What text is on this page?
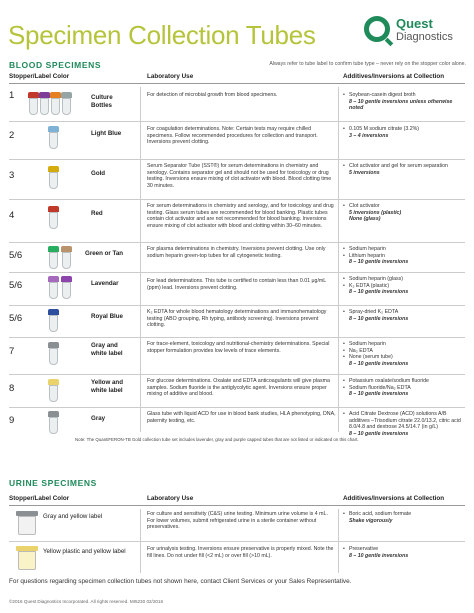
Specimen Collection Tubes	Quest
Diagnostics
BLOOD SPECIMENS	Always refer to tube label to confirm tube type – never rely on the stopper color alone.
Stopper/Label Color	Laboratory Use	Additives/Inversions at Collection
1	Culture Bottles
For detection of microbial growth from blood specimens.
•	Soybean-casein digest broth
8 – 10 gentle inversions unless otherwise noted
2	Light Blue
For coagulation determinations. Note: Certain tests may require chilled specimens. Follow recommended procedures for collection and transport. Inversions prevent clotting.
• 0.105 M sodium citrate (3.2%)
3 – 4 inversions
3	Gold
Serum Separator Tube (SST®) for serum determinations in chemistry and serology. Contains separator gel and should not be used for toxicology or drug testing. Inversions ensure mixing of clot activator with blood. Blood clotting time 30 minutes.
• Clot activator and gel for serum separation
5 inversions
4	Red
For serum determinations in chemistry and serology, and for toxicology and drug testing. Glass serum tubes are recommended for blood banking. Plastic tubes contain clot activator and are not recommended for blood banking. Inversions ensure mixing of clot activator with blood and clotting within 30–60 minutes.
• Clot activator
5 inversions (plastic)
None (glass)
5/6	Green or Tan
For plasma determinations in chemistry. Inversions prevent clotting. Use only sodium heparin green-top tubes for all cytogenetic testing.
• Sodium heparin
• Lithium heparin
8 – 10 gentle inversions
5/6	Lavendar	For lead determinations. This tube is certified to contain less than 0.01 μg/mL (ppm) lead. Inversions prevent clotting.
• Sodium heparin (glass)
• K₂ EDTA (plastic)
8 – 10 gentle inversions
5/6	Royal Blue
K₂ EDTA for whole blood hematology determinations and immunohematology testing (ABO grouping, Rh typing, antibody screening). Inversions prevent clotting.
• Spray-dried K₂ EDTA
8 – 10 gentle inversions
7
Gray and white label
For trace-element, toxicology and nutritional-chemistry determinations. Special stopper formulation provides low levels of trace elements.
• Sodium heparin
• Na₂ EDTA
• None (serum tube)
8 – 10 gentle inversions
8
Yellow and white label
For glucose determinations. Oxalate and EDTA anticoagulants will give plasma samples. Sodium fluoride is the antiglycolytic agent. Inversions ensure proper mixing of additive and blood.
• Potassium oxalate/sodium fluoride
• Sodium fluoride/Na₂ EDTA
8 – 10 gentle inversions
9	Gray
Glass tube with liquid ACD for use in blood bank studies, HLA phenotyping, DNA, paternity testing, etc.
• Acid Citrate Dextrose (ACD) solutions A/B additives –Trisodium citrate 22.0/13.2, citric acid 8.0/4.8 and dextrose 24.5/14.7 (in g/L)
8 – 10 gentle inversions
Note: The QuantiFERON-TB Gold collection tube set includes lavender, gray and purple capped tubes that are not listed or indicated on this chart.
URINE SPECIMENS
Stopper/Label Color	Laboratory Use	Additives/Inversions at Collection
Gray and yellow label	For culture and sensitivity (C&S) urine testing. Minimum urine volume is 4 mL. For lower volumes, submit refrigerated urine in a sterile container without preservatives.
• Boric acid, sodium formate
Shake vigorously
Yellow plastic and yellow label	For urinalysis testing. Inversions ensure preservative is properly mixed. Note the fill lines. Do not under fill (<2 mL) or over fill (>10 mL).
• Preservative
8 – 10 gentle inversions
For questions regarding specimen collection tubes not shown here, contact Client Services or your Sales Representative.
©2016 Quest Diagnostics Incorporated. All rights reserved. MI5230 02/2016
